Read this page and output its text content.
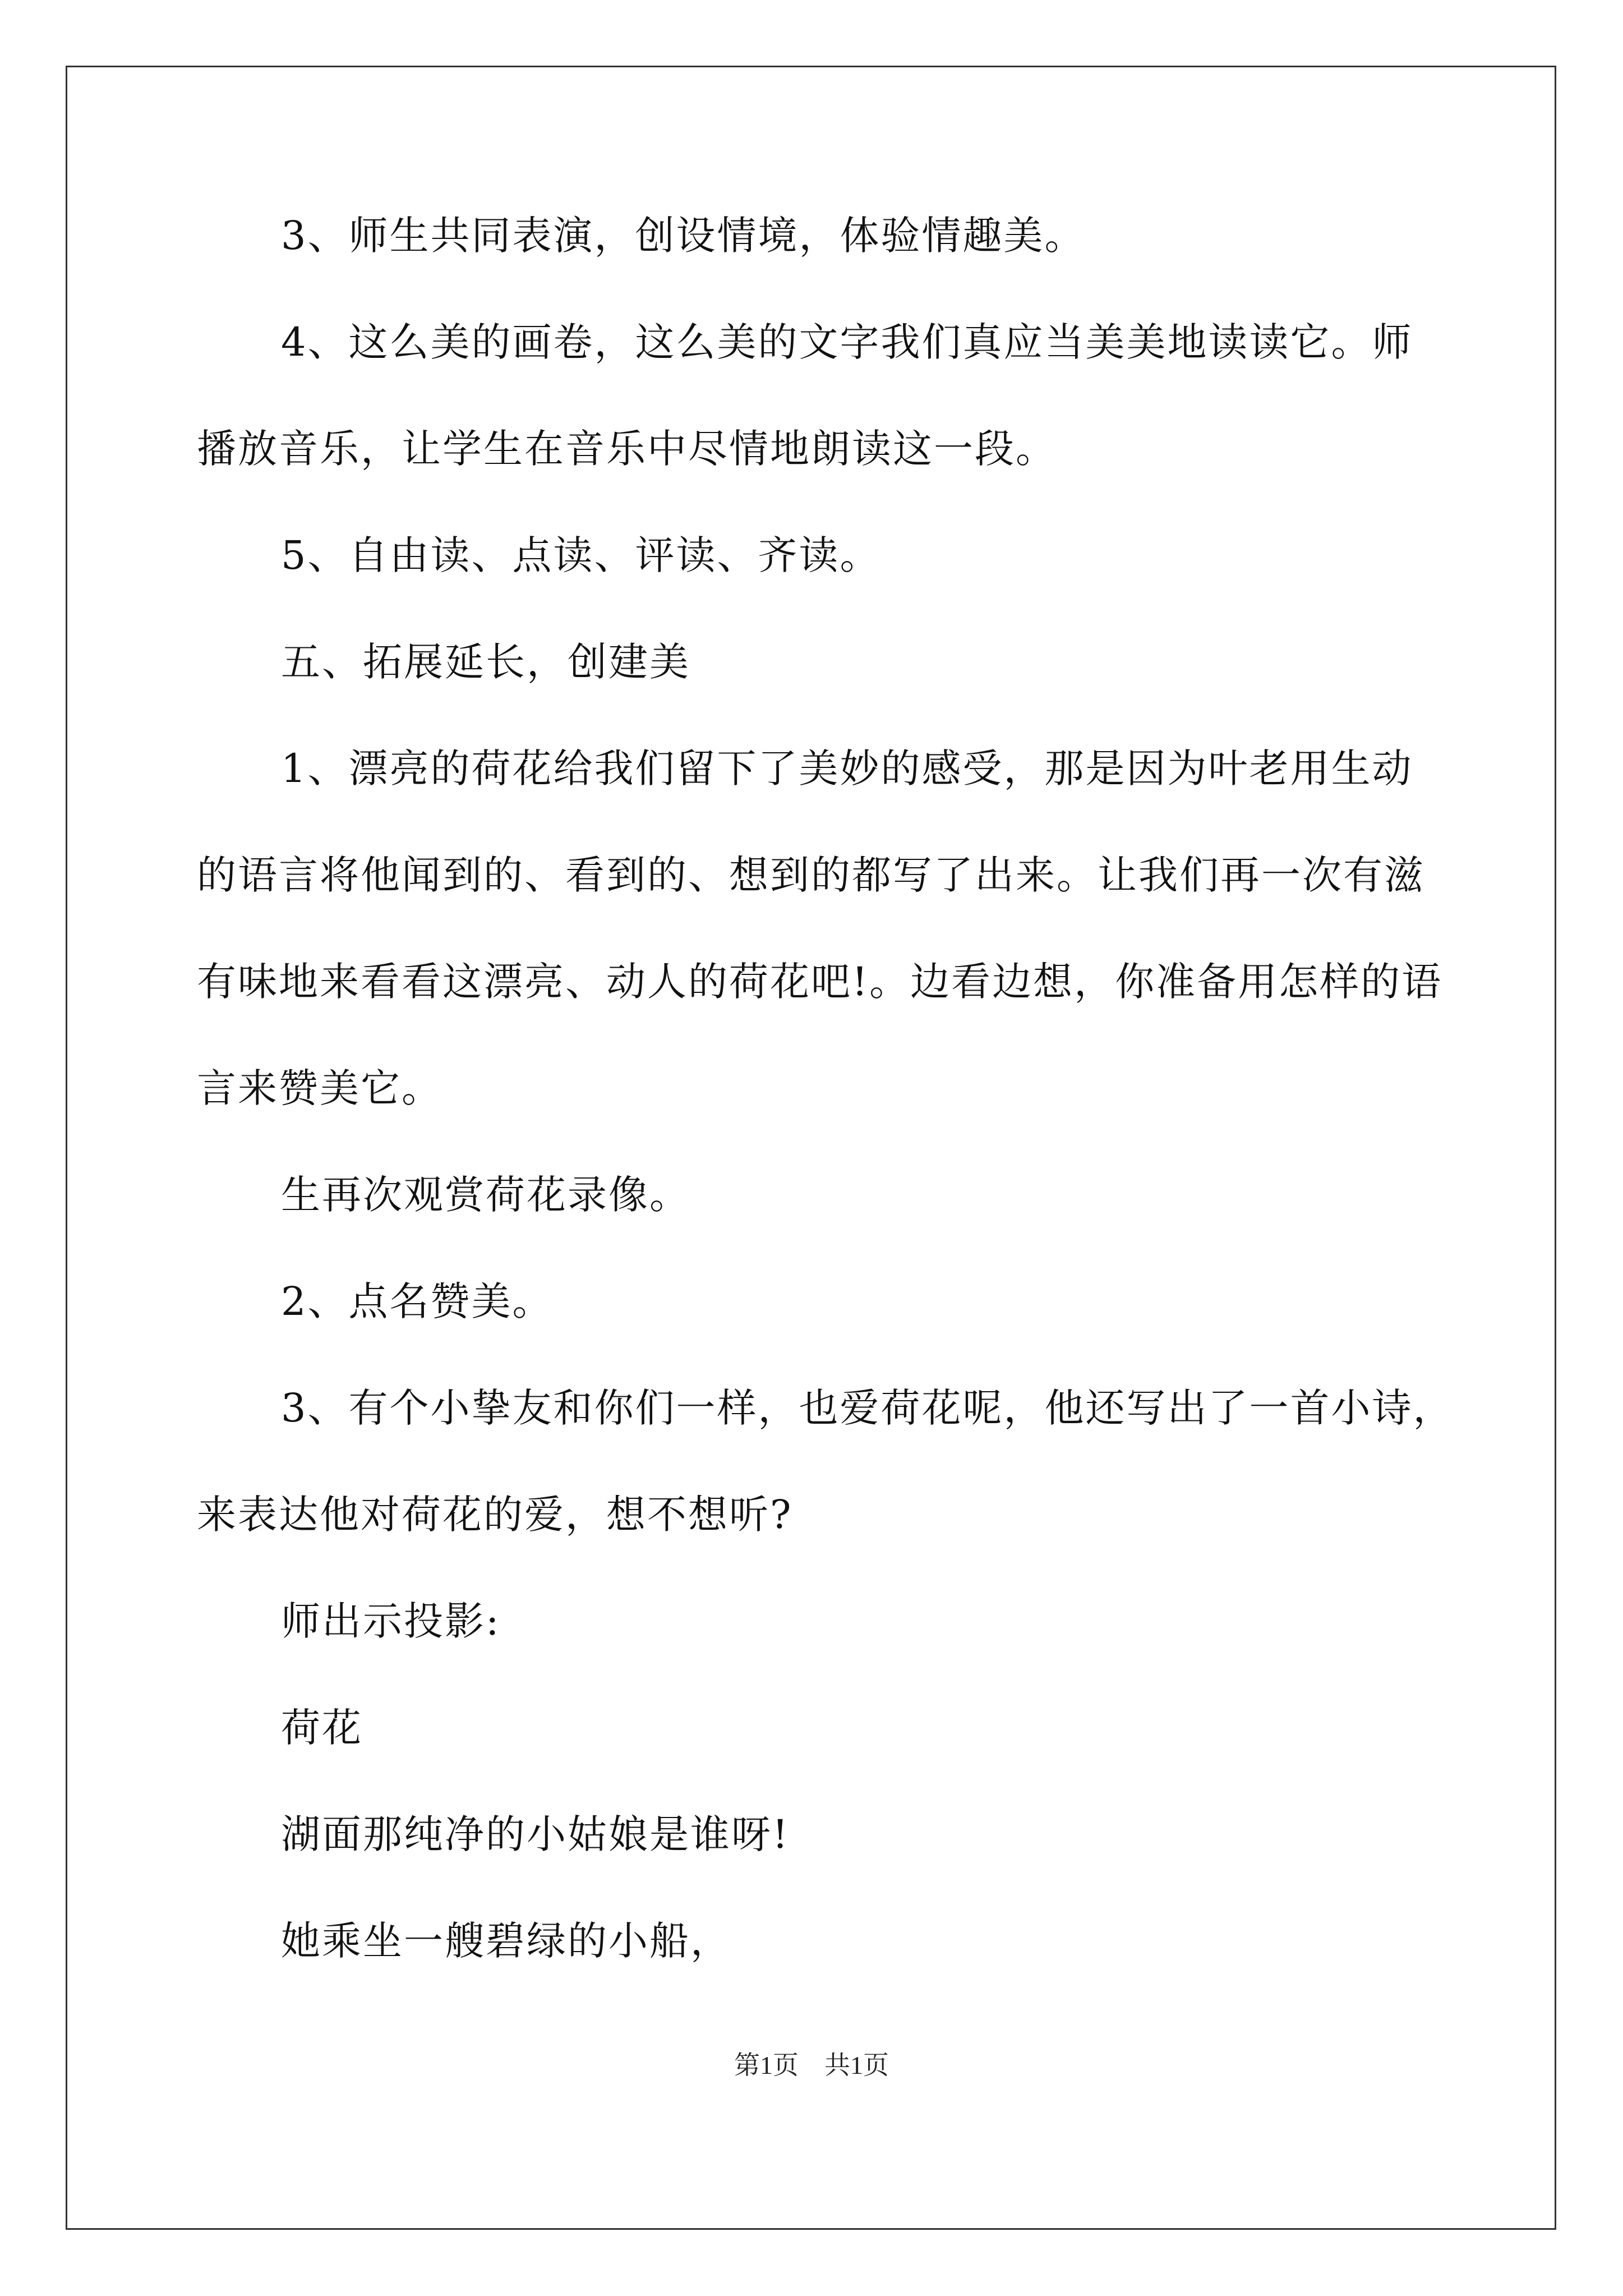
3、师生共同表演，创设情境，体验情趣美。
4、这么美的画卷，这么美的文字我们真应当美美地读读它。师
播放音乐，让学生在音乐中尽情地朗读这一段。
5、自由读、点读、评读、齐读。
五、拓展延长，创建美
1、漂亮的荷花给我们留下了美妙的感受，那是因为叶老用生动
的语言将他闻到的、看到的、想到的都写了出来。让我们再一次有滋
有味地来看看这漂亮、动人的荷花吧!。边看边想，你准备用怎样的语
言来赞美它。
生再次观赏荷花录像。
2、点名赞美。
3、有个小挚友和你们一样，也爱荷花呢，他还写出了一首小诗，
来表达他对荷花的爱，想不想听?
师出示投影:
荷花
湖面那纯净的小姑娘是谁呀!
她乘坐一艘碧绿的小船，
第1页　共1页
